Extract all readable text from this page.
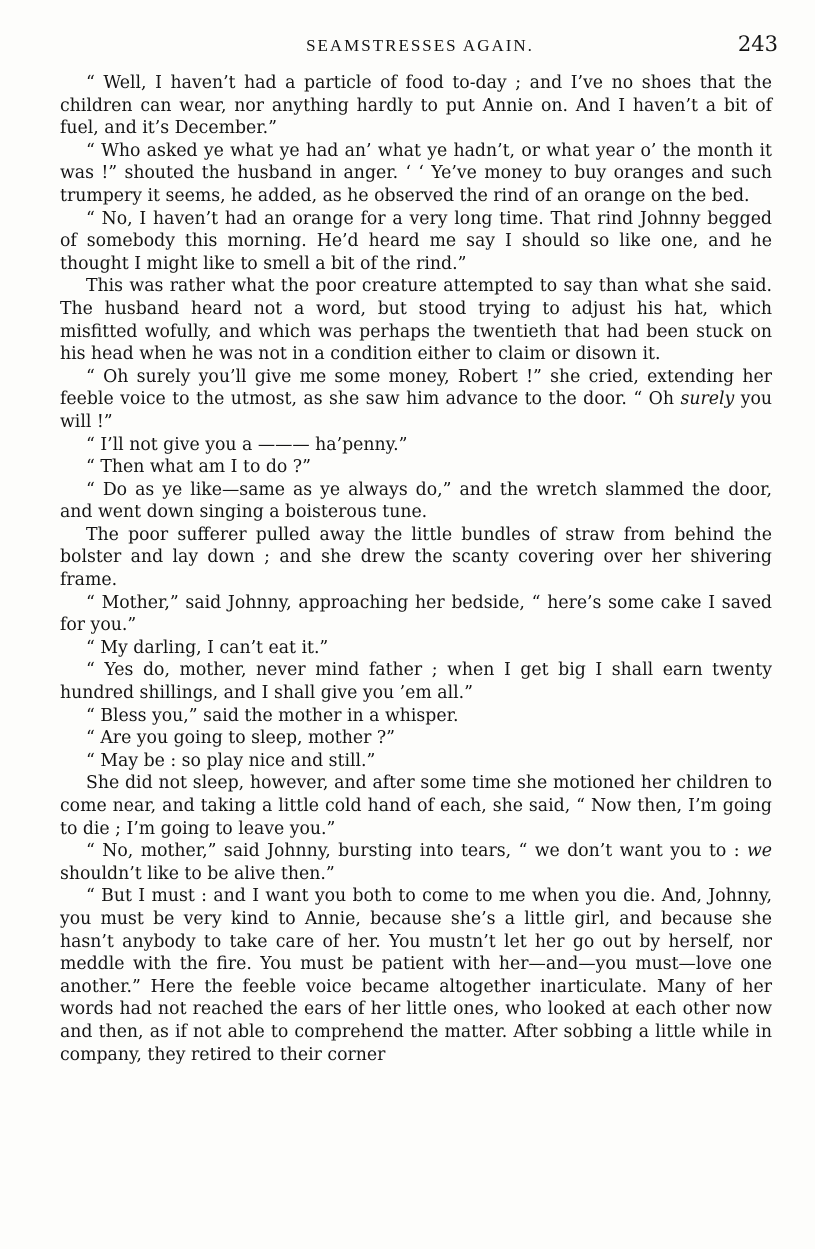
SEAMSTRESSES AGAIN.	243

“ Well, I haven’t had a particle of food to-day ; and I’ve no shoes that the children can wear, nor anything hardly to put Annie on. And I haven’t a bit of fuel, and it’s December.”

“ Who asked ye what ye had an’ what ye hadn’t, or what year o’ the month it was !” shouted the husband in anger. ‘ ‘ Ye’ve money to buy oranges and such trumpery it seems, he added, as he observed the rind of an orange on the bed.

“ No, I haven’t had an orange for a very long time. That rind Johnny begged of somebody this morning. He’d heard me say I should so like one, and he thought I might like to smell a bit of the rind.”

This was rather what the poor creature attempted to say than what she said. The husband heard not a word, but stood trying to adjust his hat, which misfitted wofully, and which was perhaps the twentieth that had been stuck on his head when he was not in a condition either to claim or disown it.

“ Oh surely you’ll give me some money, Robert !” she cried, extending her feeble voice to the utmost, as she saw him advance to the door. “ Oh surely you will !”

“ I’ll not give you a ——— ha’penny.”

“ Then what am I to do ?”

“ Do as ye like—same as ye always do,” and the wretch slammed the door, and went down singing a boisterous tune.

The poor sufferer pulled away the little bundles of straw from behind the bolster and lay down ; and she drew the scanty covering over her shivering frame.

“ Mother,” said Johnny, approaching her bedside, “ here’s some cake I saved for you.”

“ My darling, I can’t eat it.”

“ Yes do, mother, never mind father ; when I get big I shall earn twenty hundred shillings, and I shall give you ’em all.”

“ Bless you,” said the mother in a whisper.

“ Are you going to sleep, mother ?”

“ May be : so play nice and still.”

She did not sleep, however, and after some time she motioned her children to come near, and taking a little cold hand of each, she said, “ Now then, I’m going to die ; I’m going to leave you.”

“ No, mother,” said Johnny, bursting into tears, “ we don’t want you to : we shouldn’t like to be alive then.”

“ But I must : and I want you both to come to me when you die. And, Johnny, you must be very kind to Annie, because she’s a little girl, and because she hasn’t anybody to take care of her. You mustn’t let her go out by herself, nor meddle with the fire. You must be patient with her—and—you must—love one another.” Here the feeble voice became altogether inarticulate. Many of her words had not reached the ears of her little ones, who looked at each other now and then, as if not able to comprehend the matter. After sobbing a little while in company, they retired to their corner
